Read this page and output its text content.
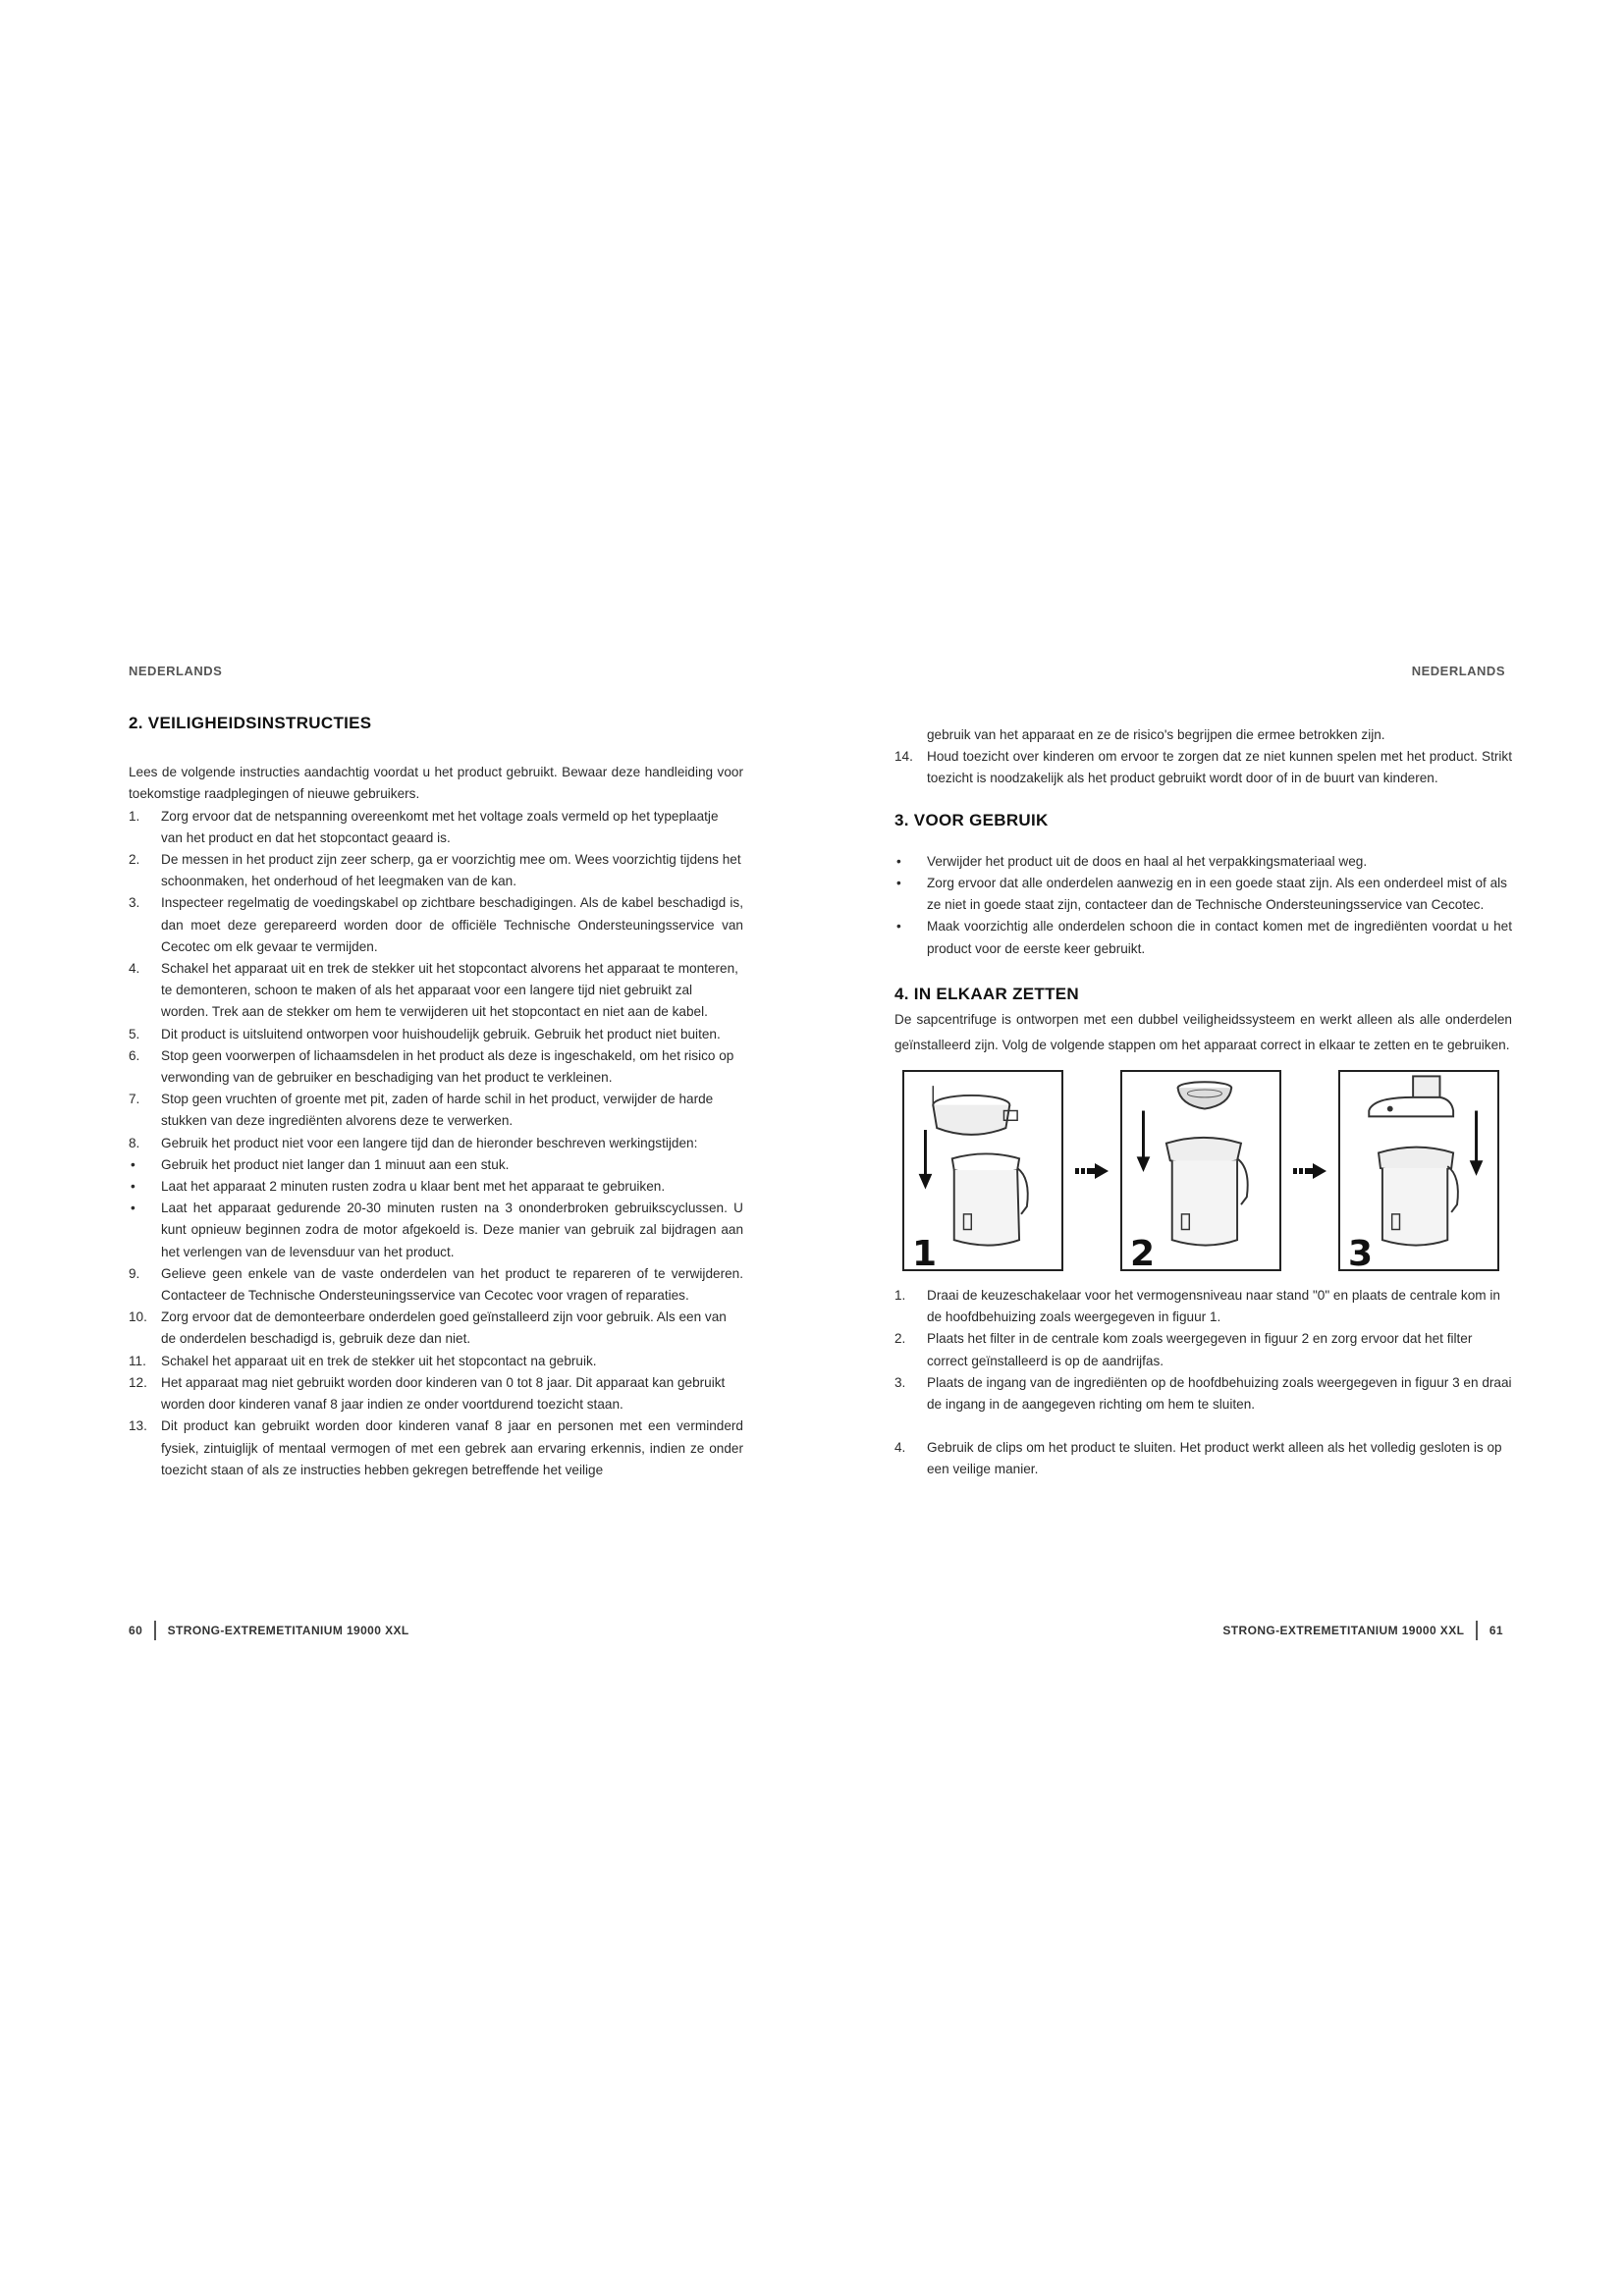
NEDERLANDS	NEDERLANDS
2. VEILIGHEIDSINSTRUCTIES

Lees de volgende instructies aandachtig voordat u het product gebruikt. Bewaar deze handleiding voor toekomstige raadplegingen of nieuwe gebruikers.

1. Zorg ervoor dat de netspanning overeenkomt met het voltage zoals vermeld op het typeplaatje van het product en dat het stopcontact geaard is.
2. De messen in het product zijn zeer scherp, ga er voorzichtig mee om. Wees voorzichtig tijdens het schoonmaken, het onderhoud of het leegmaken van de kan.
3. Inspecteer regelmatig de voedingskabel op zichtbare beschadigingen. Als de kabel beschadigd is, dan moet deze gerepareerd worden door de officiële Technische Ondersteuningsservice van Cecotec om elk gevaar te vermijden.
4. Schakel het apparaat uit en trek de stekker uit het stopcontact alvorens het apparaat te monteren, te demonteren, schoon te maken of als het apparaat voor een langere tijd niet gebruikt zal worden. Trek aan de stekker om hem te verwijderen uit het stopcontact en niet aan de kabel.
5. Dit product is uitsluitend ontworpen voor huishoudelijk gebruik. Gebruik het product niet buiten.
6. Stop geen voorwerpen of lichaamsdelen in het product als deze is ingeschakeld, om het risico op verwonding van de gebruiker en beschadiging van het product te verkleinen.
7. Stop geen vruchten of groente met pit, zaden of harde schil in het product, verwijder de harde stukken van deze ingrediënten alvorens deze te verwerken.
8. Gebruik het product niet voor een langere tijd dan de hieronder beschreven werkingstijden:
• Gebruik het product niet langer dan 1 minuut aan een stuk.
• Laat het apparaat 2 minuten rusten zodra u klaar bent met het apparaat te gebruiken.
• Laat het apparaat gedurende 20-30 minuten rusten na 3 ononderbroken gebruikscyclussen. U kunt opnieuw beginnen zodra de motor afgekoeld is. Deze manier van gebruik zal bijdragen aan het verlengen van de levensduur van het product.
9. Gelieve geen enkele van de vaste onderdelen van het product te repareren of te verwijderen. Contacteer de Technische Ondersteuningsservice van Cecotec voor vragen of reparaties.
10. Zorg ervoor dat de demonteerbare onderdelen goed geïnstalleerd zijn voor gebruik. Als een van de onderdelen beschadigd is, gebruik deze dan niet.
11. Schakel het apparaat uit en trek de stekker uit het stopcontact na gebruik.
12. Het apparaat mag niet gebruikt worden door kinderen van 0 tot 8 jaar. Dit apparaat kan gebruikt worden door kinderen vanaf 8 jaar indien ze onder voortdurend toezicht staan.
13. Dit product kan gebruikt worden door kinderen vanaf 8 jaar en personen met een verminderd fysiek, zintuiglijk of mentaal vermogen of met een gebrek aan ervaring erkennis, indien ze onder toezicht staan of als ze instructies hebben gekregen betreffende het veilige

gebruik van het apparaat en ze de risico's begrijpen die ermee betrokken zijn.

14. Houd toezicht over kinderen om ervoor te zorgen dat ze niet kunnen spelen met het product. Strikt toezicht is noodzakelijk als het product gebruikt wordt door of in de buurt van kinderen.
3. VOOR GEBRUIK
• Verwijder het product uit de doos en haal al het verpakkingsmateriaal weg.
• Zorg ervoor dat alle onderdelen aanwezig en in een goede staat zijn. Als een onderdeel mist of als ze niet in goede staat zijn, contacteer dan de Technische Ondersteuningsservice van Cecotec.
• Maak voorzichtig alle onderdelen schoon die in contact komen met de ingrediënten voordat u het product voor de eerste keer gebruikt.
4. IN ELKAAR ZETTEN

De sapcentrifuge is ontworpen met een dubbel veiligheidssysteem en werkt alleen als alle onderdelen geïnstalleerd zijn. Volg de volgende stappen om het apparaat correct in elkaar te zetten en te gebruiken.

1	2	3
1. Draai de keuzeschakelaar voor het vermogensniveau naar stand "0" en plaats de centrale kom in de hoofdbehuizing zoals weergegeven in figuur 1.
2. Plaats het filter in de centrale kom zoals weergegeven in figuur 2 en zorg ervoor dat het filter correct geïnstalleerd is op de aandrijfas.
3. Plaats de ingang van de ingrediënten op de hoofdbehuizing zoals weergegeven in figuur 3 en draai de ingang in de aangegeven richting om hem te sluiten.
4. Gebruik de clips om het product te sluiten. Het product werkt alleen als het volledig gesloten is op een veilige manier.
60 STRONG-EXTREMETITANIUM 19000 XXL	STRONG-EXTREMETITANIUM 19000 XXL 61
